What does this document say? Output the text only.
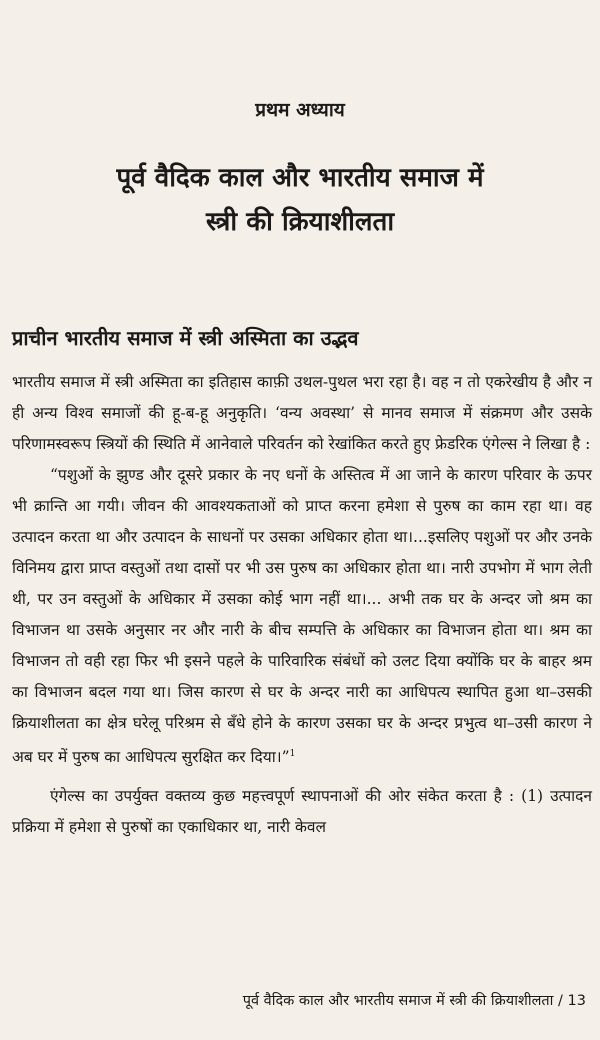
प्रथम अध्याय
पूर्व वैदिक काल और भारतीय समाज में
स्त्री की क्रियाशीलता
प्राचीन भारतीय समाज में स्त्री अस्मिता का उद्भव

भारतीय समाज में स्त्री अस्मिता का इतिहास काफ़ी उथल-पुथल भरा रहा है। वह न तो एकरेखीय है और न ही अन्य विश्व समाजों की हू-ब-हू अनुकृति। ‘वन्य अवस्था’ से मानव समाज में संक्रमण और उसके परिणामस्वरूप स्त्रियों की स्थिति में आनेवाले परिवर्तन को रेखांकित करते हुए फ्रेडरिक एंगेल्स ने लिखा है :

“पशुओं के झुण्ड और दूसरे प्रकार के नए धनों के अस्तित्व में आ जाने के कारण परिवार के ऊपर भी क्रान्ति आ गयी। जीवन की आवश्यकताओं को प्राप्त करना हमेशा से पुरुष का काम रहा था। वह उत्पादन करता था और उत्पादन के साधनों पर उसका अधिकार होता था।...इसलिए पशुओं पर और उनके विनिमय द्वारा प्राप्त वस्तुओं तथा दासों पर भी उस पुरुष का अधिकार होता था। नारी उपभोग में भाग लेती थी, पर उन वस्तुओं के अधिकार में उसका कोई भाग नहीं था।... अभी तक घर के अन्दर जो श्रम का विभाजन था उसके अनुसार नर और नारी के बीच सम्पत्ति के अधिकार का विभाजन होता था। श्रम का विभाजन तो वही रहा फिर भी इसने पहले के पारिवारिक संबंधों को उलट दिया क्योंकि घर के बाहर श्रम का विभाजन बदल गया था। जिस कारण से घर के अन्दर नारी का आधिपत्य स्थापित हुआ था–उसकी क्रियाशीलता का क्षेत्र घरेलू परिश्रम से बँधे होने के कारण उसका घर के अन्दर प्रभुत्व था–उसी कारण ने अब घर में पुरुष का आधिपत्य सुरक्षित कर दिया।”$^1$

एंगेल्स का उपर्युक्त वक्तव्य कुछ महत्त्वपूर्ण स्थापनाओं की ओर संकेत करता है : (1) उत्पादन प्रक्रिया में हमेशा से पुरुषों का एकाधिकार था, नारी केवल

पूर्व वैदिक काल और भारतीय समाज में स्त्री की क्रियाशीलता / 13
